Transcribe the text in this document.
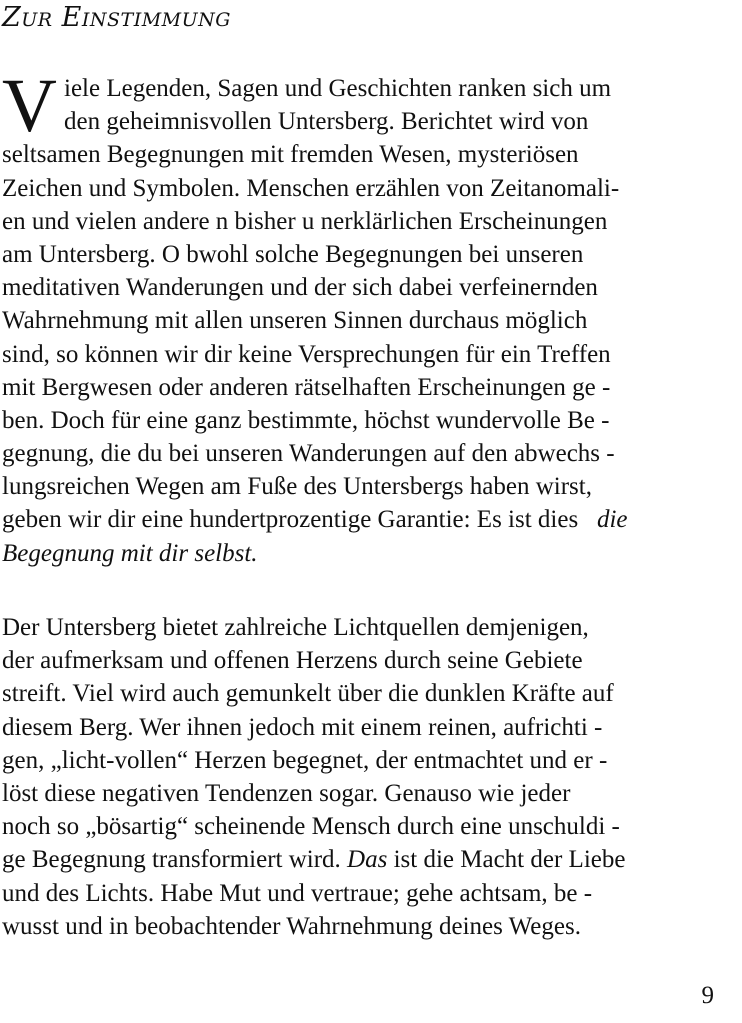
Zur Einstimmung
V iele Legenden, Sagen und Geschichten ranken sich um
den geheimnisvollen Untersberg. Berichtet wird von
seltsamen Begegnungen mit fremden Wesen, mysteriösen
Zeichen und Symbolen. Menschen erzählen von Zeitanomali-
en und vielen andere n bisher u nerklärlichen Erscheinungen
am Untersberg. O bwohl solche Begegnungen bei unseren
meditativen Wanderungen und der sich dabei verfeinernden
Wahrnehmung mit allen unseren Sinnen durchaus möglich
sind, so können wir dir keine Versprechungen für ein Treffen
mit Bergwesen oder anderen rätselhaften Erscheinungen ge -
ben. Doch für eine ganz bestimmte, höchst wundervolle Be -
gegnung, die du bei unseren Wanderungen auf den abwechs -
lungsreichen Wegen am Fuße des Untersbergs haben wirst,
geben wir dir eine hundertprozentige Garantie: Es ist dies die
Begegnung mit dir selbst.
Der Untersberg bietet zahlreiche Lichtquellen demjenigen,
der aufmerksam und offenen Herzens durch seine Gebiete
streift. Viel wird auch gemunkelt über die dunklen Kräfte auf
diesem Berg. Wer ihnen jedoch mit einem reinen, aufrichti -
gen, „licht-vollen“ Herzen begegnet, der entmachtet und er -
löst diese negativen Tendenzen sogar. Genauso wie jeder
noch so „bösartig“ scheinende Mensch durch eine unschuldi -
ge Begegnung transformiert wird. Das ist die Macht der Liebe
und des Lichts. Habe Mut und vertraue; gehe achtsam, be -
wusst und in beobachtender Wahrnehmung deines Weges.
9
